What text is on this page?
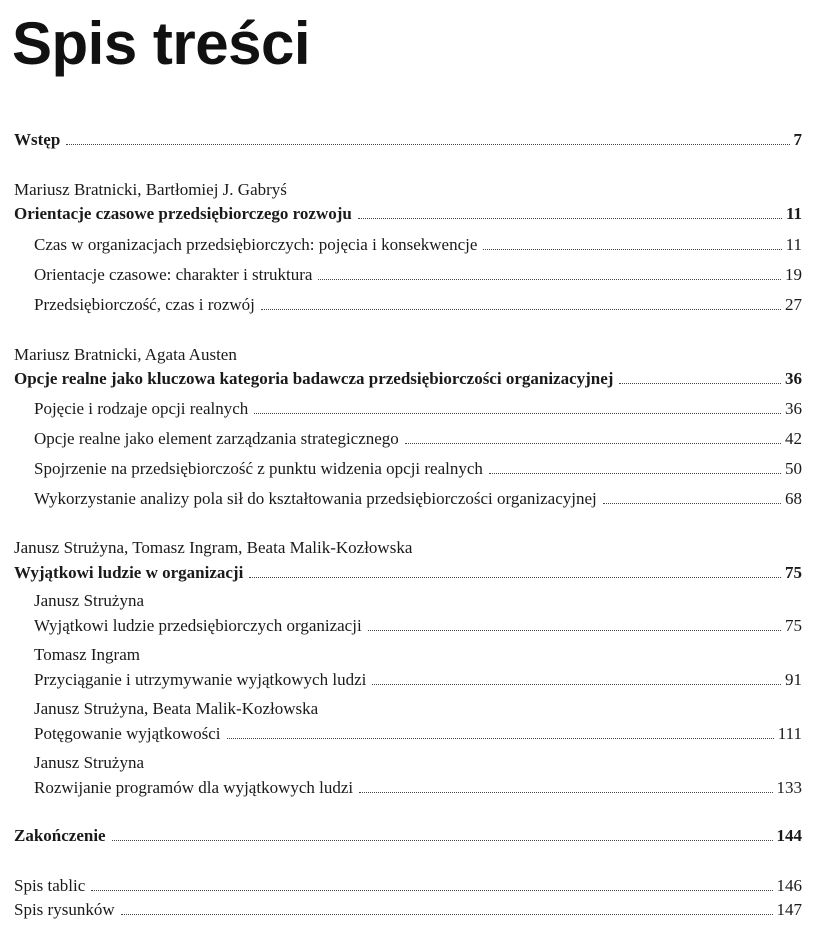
Spis treści
Wstęp	7
Mariusz Bratnicki, Bartłomiej J. Gabryś
Orientacje czasowe przedsiębiorczego rozwoju	11
Czas w organizacjach przedsiębiorczych: pojęcia i konsekwencje	11
Orientacje czasowe: charakter i struktura	19
Przedsiębiorczość, czas i rozwój	27
Mariusz Bratnicki, Agata Austen
Opcje realne jako kluczowa kategoria badawcza przedsiębiorczości organizacyjnej	36
Pojęcie i rodzaje opcji realnych	36
Opcje realne jako element zarządzania strategicznego	42
Spojrzenie na przedsiębiorczość z punktu widzenia opcji realnych	50
Wykorzystanie analizy pola sił do kształtowania przedsiębiorczości organizacyjnej	68
Janusz Strużyna, Tomasz Ingram, Beata Malik-Kozłowska
Wyjątkowi ludzie w organizacji	75
Janusz Strużyna
Wyjątkowi ludzie przedsiębiorczych organizacji	75
Tomasz Ingram
Przyciąganie i utrzymywanie wyjątkowych ludzi	91
Janusz Strużyna, Beata Malik-Kozłowska
Potęgowanie wyjątkowości	111
Janusz Strużyna
Rozwijanie programów dla wyjątkowych ludzi	133
Zakończenie	144
Spis tablic	146
Spis rysunków	147
